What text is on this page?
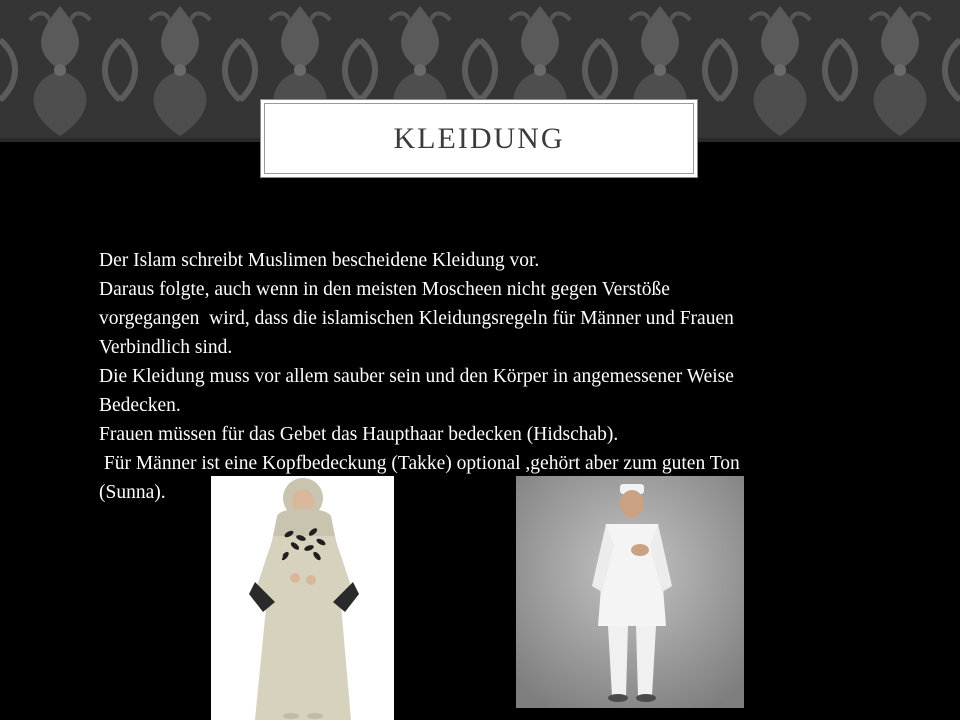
KLEIDUNG

Der Islam schreibt Muslimen bescheidene Kleidung vor.
Daraus folgte, auch wenn in den meisten Moscheen nicht gegen Verstöße
vorgegangen  wird, dass die islamischen Kleidungsregeln für Männer und Frauen
Verbindlich sind.
Die Kleidung muss vor allem sauber sein und den Körper in angemessener Weise
Bedecken.
Frauen müssen für das Gebet das Haupthaar bedecken (Hidschab).
Für Männer ist eine Kopfbedeckung (Takke) optional ,gehört aber zum guten Ton
(Sunna).
